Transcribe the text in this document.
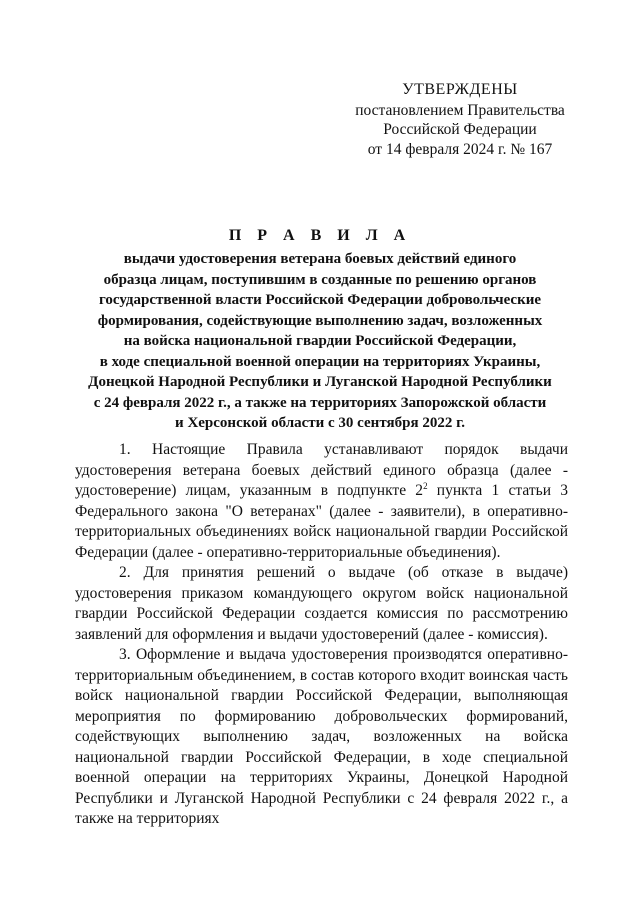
УТВЕРЖДЕНЫ
постановлением Правительства
Российской Федерации
от 14 февраля 2024 г. № 167
П Р А В И Л А
выдачи удостоверения ветерана боевых действий единого
образца лицам, поступившим в созданные по решению органов
государственной власти Российской Федерации добровольческие
формирования, содействующие выполнению задач, возложенных
на войска национальной гвардии Российской Федерации,
в ходе специальной военной операции на территориях Украины,
Донецкой Народной Республики и Луганской Народной Республики
с 24 февраля 2022 г., а также на территориях Запорожской области
и Херсонской области с 30 сентября 2022 г.

1. Настоящие Правила устанавливают порядок выдачи удостоверения ветерана боевых действий единого образца (далее - удостоверение) лицам, указанным в подпункте $2^2$ пункта 1 статьи 3 Федерального закона "О ветеранах" (далее - заявители), в оперативно-территориальных объединениях войск национальной гвардии Российской Федерации (далее - оперативно-территориальные объединения).

2. Для принятия решений о выдаче (об отказе в выдаче) удостоверения приказом командующего округом войск национальной гвардии Российской Федерации создается комиссия по рассмотрению заявлений для оформления и выдачи удостоверений (далее - комиссия).

3. Оформление и выдача удостоверения производятся оперативно-территориальным объединением, в состав которого входит воинская часть войск национальной гвардии Российской Федерации, выполняющая мероприятия по формированию добровольческих формирований, содействующих выполнению задач, возложенных на войска национальной гвардии Российской Федерации, в ходе специальной военной операции на территориях Украины, Донецкой Народной Республики и Луганской Народной Республики с 24 февраля 2022 г., а также на территориях
